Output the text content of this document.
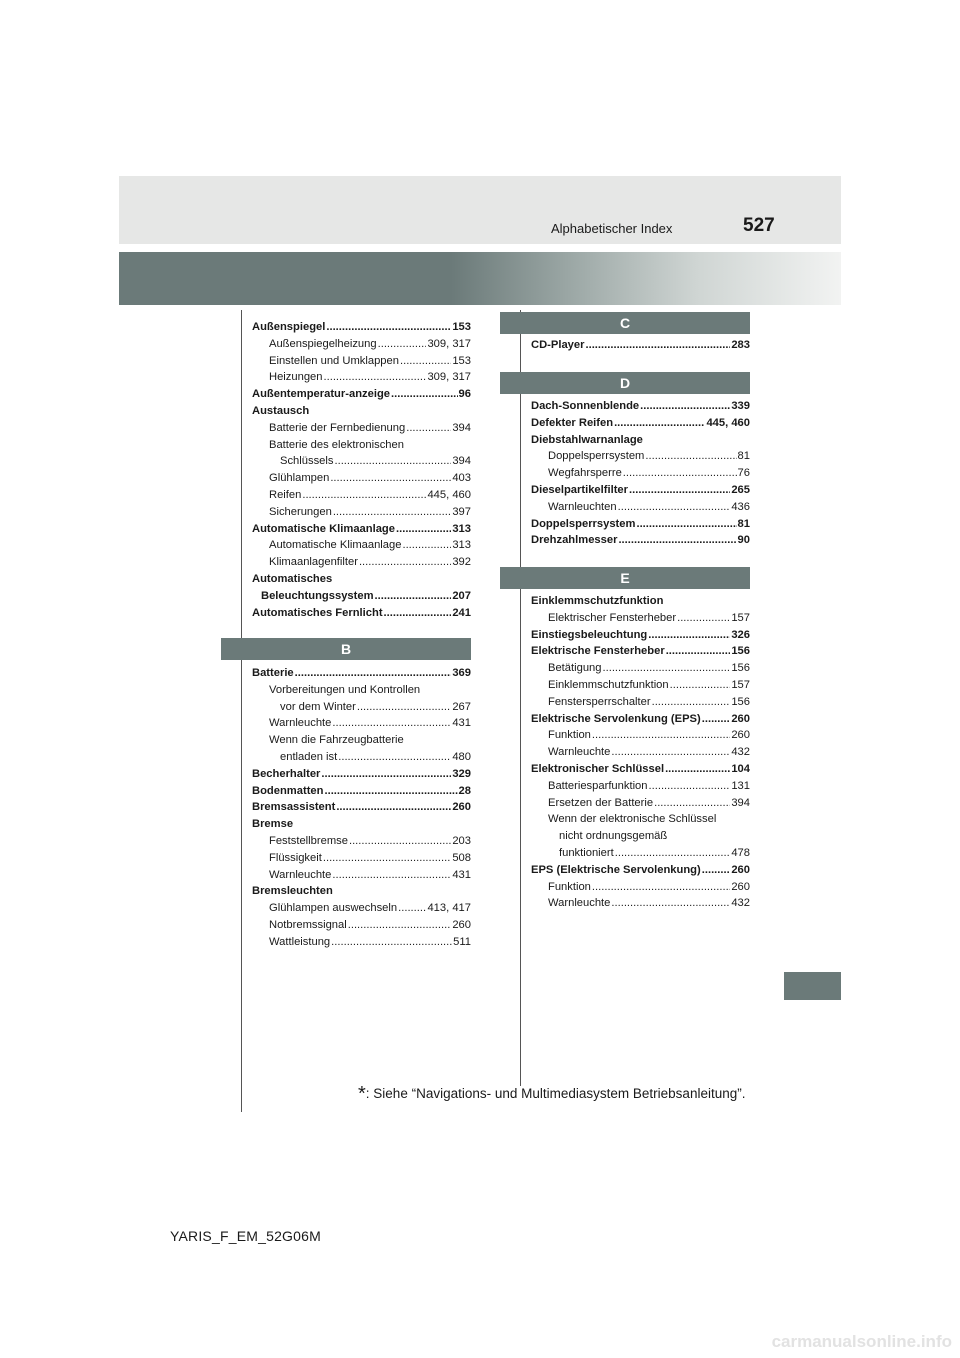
527
Alphabetischer Index
Außenspiegel .....	153
Außenspiegelheizung .....	309, 317
Einstellen und Umklappen .....	153
Heizungen .....	309, 317
Außentemperatur-anzeige .....	96
Austausch
Batterie der Fernbedienung .....	394
Batterie des elektronischen
Schlüssels .....	394
Glühlampen .....	403
Reifen .....	445, 460
Sicherungen .....	397
Automatische Klimaanlage .....	313
Automatische Klimaanlage .....	313
Klimaanlagenfilter .....	392
Automatisches
Beleuchtungssystem .....	207
Automatisches Fernlicht .....	241
B
Batterie .....	369
Vorbereitungen und Kontrollen
vor dem Winter .....	267
Warnleuchte .....	431
Wenn die Fahrzeugbatterie
entladen ist .....	480
Becherhalter .....	329
Bodenmatten .....	28
Bremsassistent .....	260
Bremse
Feststellbremse .....	203
Flüssigkeit .....	508
Warnleuchte .....	431
Bremsleuchten
Glühlampen auswechseln .....	413, 417
Notbremssignal .....	260
Wattleistung .....	511
C
CD-Player .....	283
D
Dach-Sonnenblende .....	339
Defekter Reifen .....	445, 460
Diebstahlwarnanlage
Doppelsperrsystem .....	81
Wegfahrsperre .....	76
Dieselpartikelfilter .....	265
Warnleuchten .....	436
Doppelsperrsystem .....	81
Drehzahlmesser .....	90
E
Einklemmschutzfunktion
Elektrischer Fensterheber .....	157
Einstiegsbeleuchtung .....	326
Elektrische Fensterheber .....	156
Betätigung .....	156
Einklemmschutzfunktion .....	157
Fenstersperrschalter .....	156
Elektrische Servolenkung (EPS) .....	260
Funktion .....	260
Warnleuchte .....	432
Elektronischer Schlüssel .....	104
Batteriesparfunktion .....	131
Ersetzen der Batterie .....	394
Wenn der elektronische Schlüssel
nicht ordnungsgemäß
funktioniert .....	478
EPS (Elektrische Servolenkung) .....	260
Funktion .....	260
Warnleuchte .....	432
*: Siehe “Navigations- und Multimediasystem Betriebsanleitung”.
YARIS_F_EM_52G06M
carmanualsonline.info
